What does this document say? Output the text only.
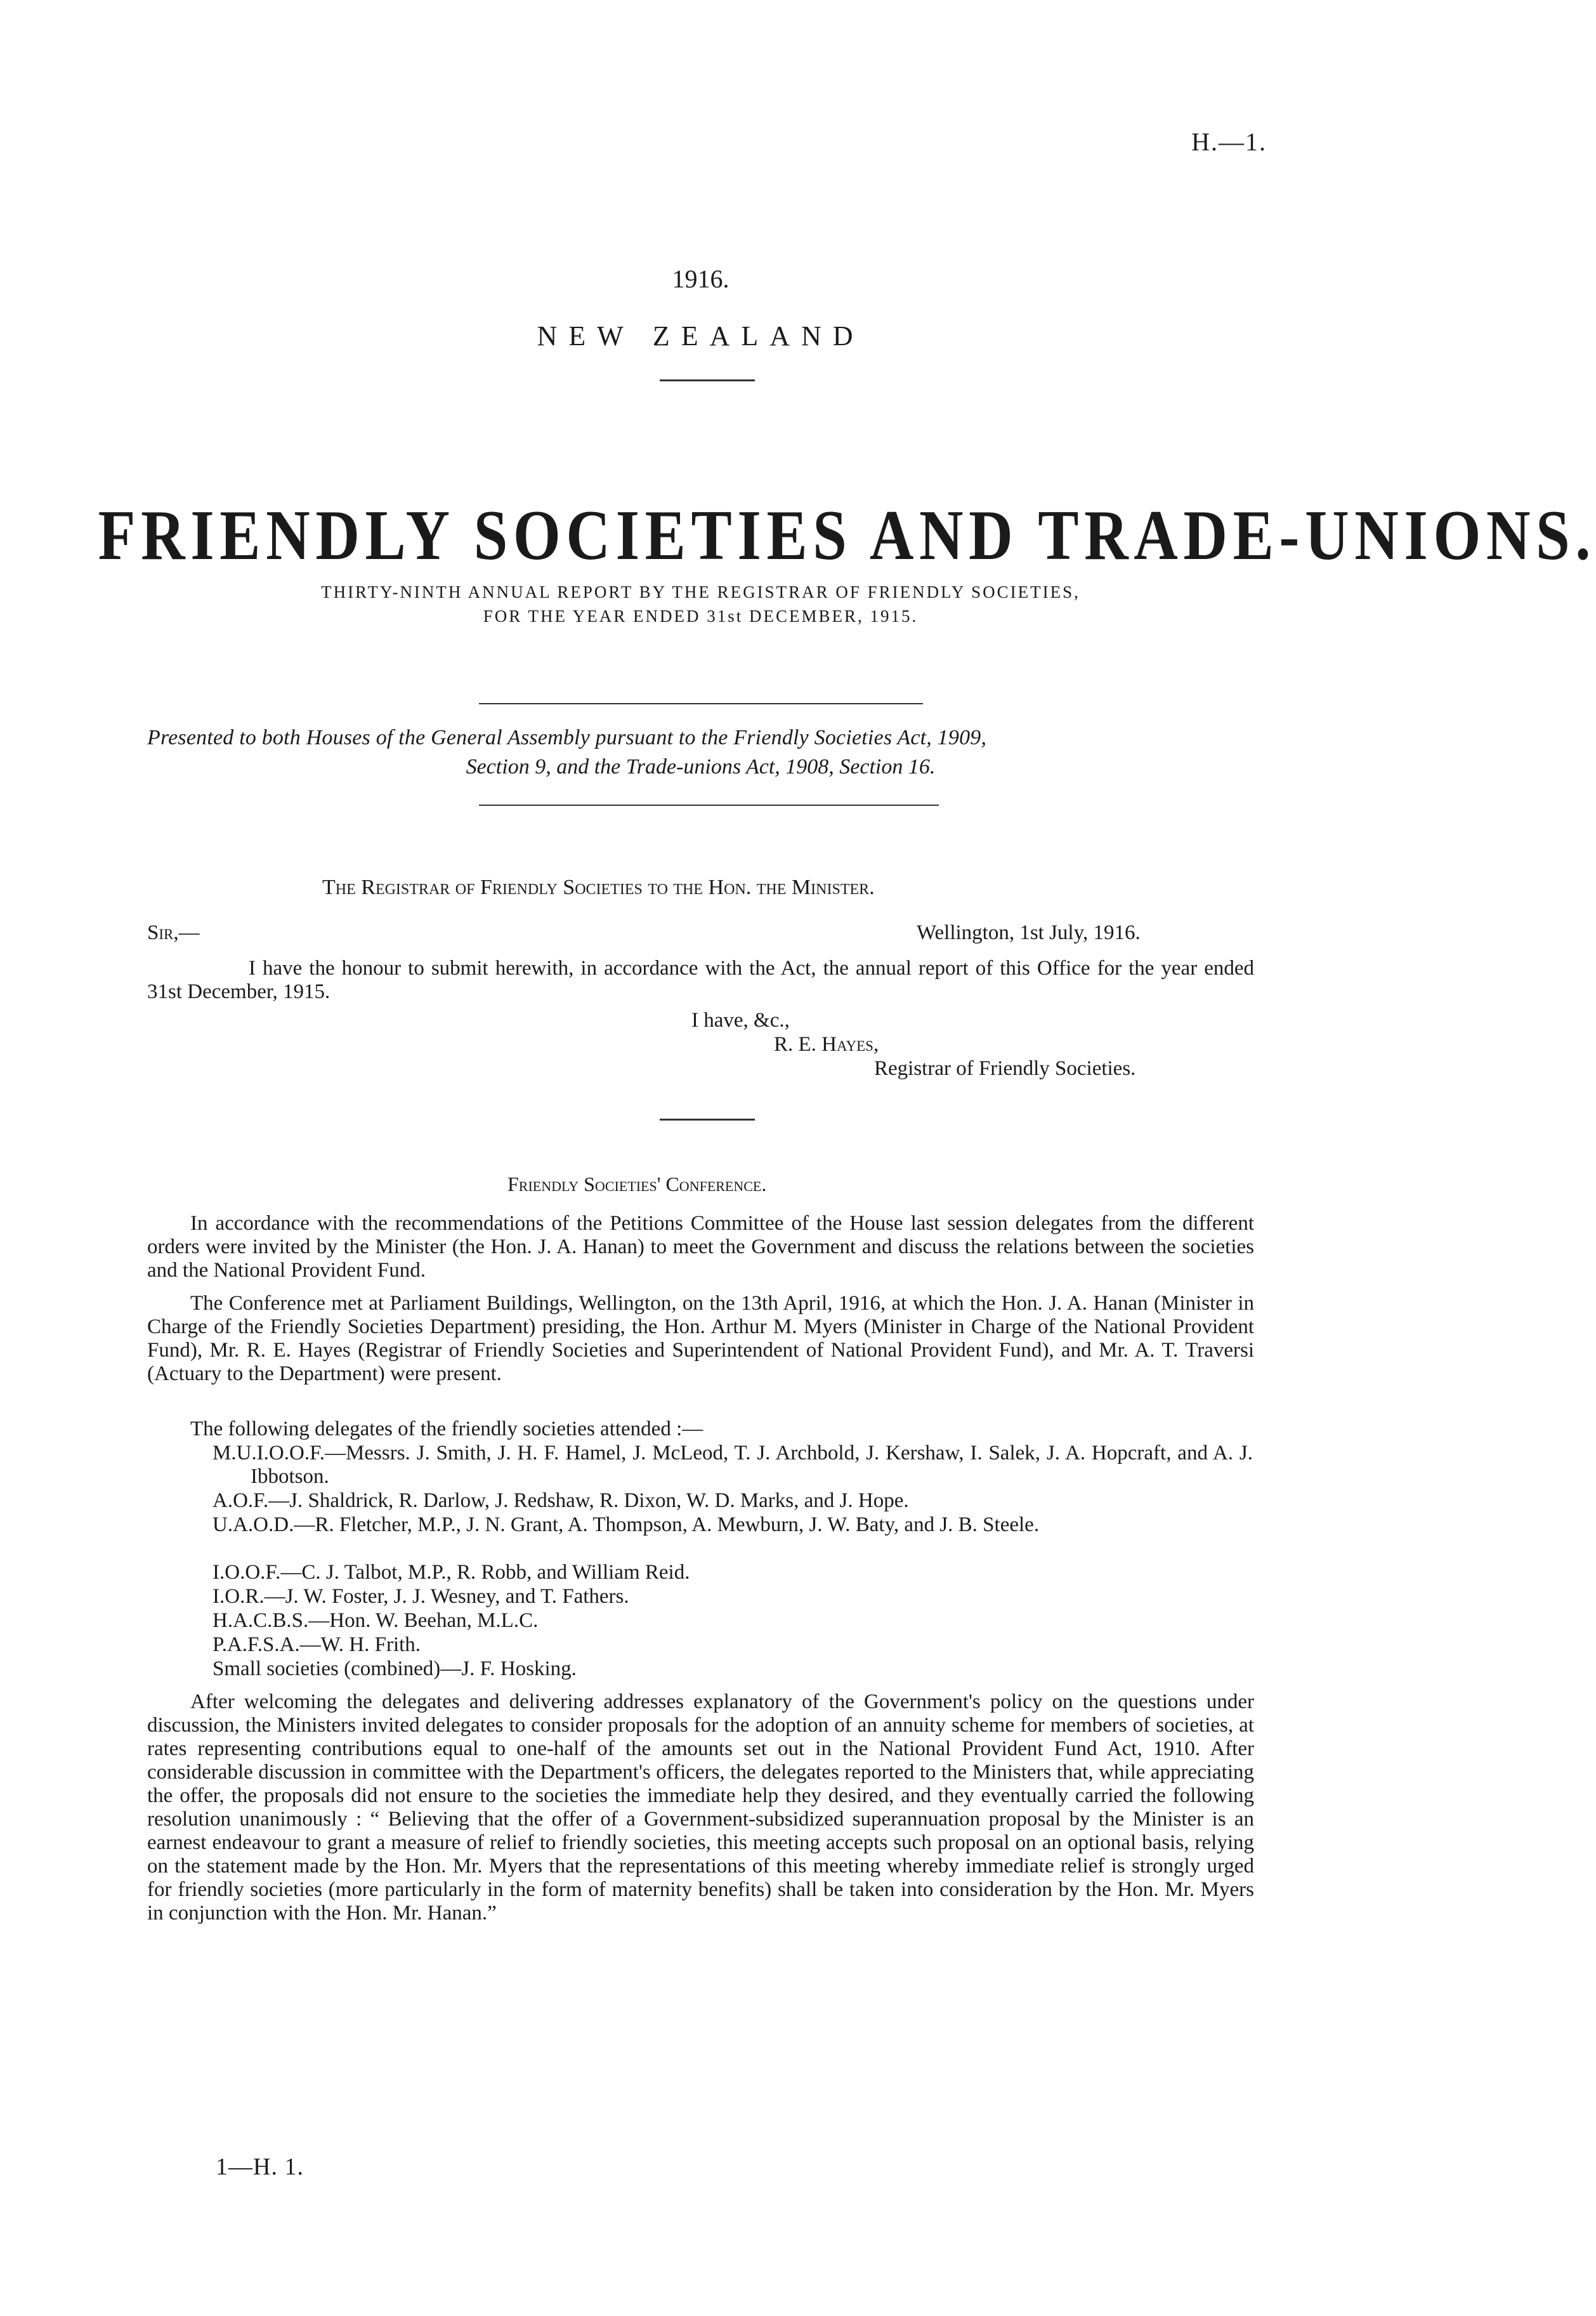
H.—1.
1916.
NEW ZEALAND
FRIENDLY SOCIETIES AND TRADE-UNIONS.
THIRTY-NINTH ANNUAL REPORT BY THE REGISTRAR OF FRIENDLY SOCIETIES,
FOR THE YEAR ENDED 31st DECEMBER, 1915.
Presented to both Houses of the General Assembly pursuant to the Friendly Societies Act, 1909,
Section 9, and the Trade-unions Act, 1908, Section 16.
The Registrar of Friendly Societies to the Hon. the Minister.
Sir,—	Wellington, 1st July, 1916.
I have the honour to submit herewith, in accordance with the Act, the annual report of this Office for the year ended 31st December, 1915.
I have, &c.,
R. E. Hayes,
Registrar of Friendly Societies.
Friendly Societies' Conference.
In accordance with the recommendations of the Petitions Committee of the House last session delegates from the different orders were invited by the Minister (the Hon. J. A. Hanan) to meet the Government and discuss the relations between the societies and the National Provident Fund.
The Conference met at Parliament Buildings, Wellington, on the 13th April, 1916, at which the Hon. J. A. Hanan (Minister in Charge of the Friendly Societies Department) presiding, the Hon. Arthur M. Myers (Minister in Charge of the National Provident Fund), Mr. R. E. Hayes (Registrar of Friendly Societies and Superintendent of National Provident Fund), and Mr. A. T. Traversi (Actuary to the Department) were present.
The following delegates of the friendly societies attended :—
M.U.I.O.O.F.—Messrs. J. Smith, J. H. F. Hamel, J. McLeod, T. J. Archbold, J. Kershaw, I. Salek, J. A. Hopcraft, and A. J. Ibbotson.
A.O.F.—J. Shaldrick, R. Darlow, J. Redshaw, R. Dixon, W. D. Marks, and J. Hope.
U.A.O.D.—R. Fletcher, M.P., J. N. Grant, A. Thompson, A. Mewburn, J. W. Baty, and J. B. Steele.
I.O.O.F.—C. J. Talbot, M.P., R. Robb, and William Reid.
I.O.R.—J. W. Foster, J. J. Wesney, and T. Fathers.
H.A.C.B.S.—Hon. W. Beehan, M.L.C.
P.A.F.S.A.—W. H. Frith.
Small societies (combined)—J. F. Hosking.
After welcoming the delegates and delivering addresses explanatory of the Government's policy on the questions under discussion, the Ministers invited delegates to consider proposals for the adoption of an annuity scheme for members of societies, at rates representing contributions equal to one-half of the amounts set out in the National Provident Fund Act, 1910. After considerable discussion in committee with the Department's officers, the delegates reported to the Ministers that, while appreciating the offer, the proposals did not ensure to the societies the immediate help they desired, and they eventually carried the following resolution unanimously : “ Believing that the offer of a Government-subsidized superannuation proposal by the Minister is an earnest endeavour to grant a measure of relief to friendly societies, this meeting accepts such proposal on an optional basis, relying on the statement made by the Hon. Mr. Myers that the representations of this meeting whereby immediate relief is strongly urged for friendly societies (more particularly in the form of maternity benefits) shall be taken into consideration by the Hon. Mr. Myers in conjunction with the Hon. Mr. Hanan.”
1—H. 1.
